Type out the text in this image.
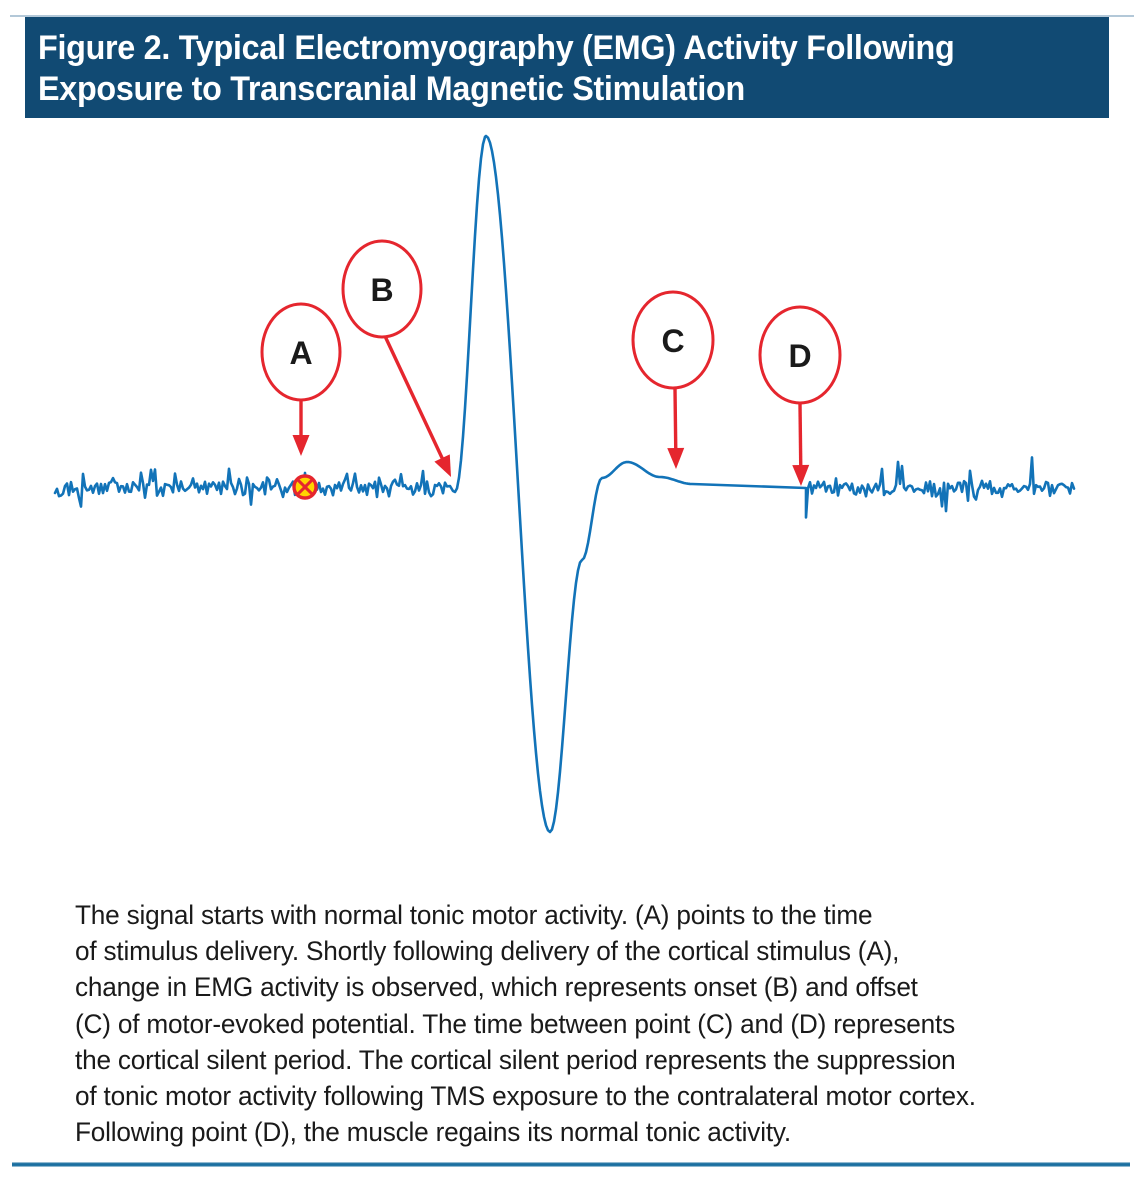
Figure 2. Typical Electromyography (EMG) Activity Following
Exposure to Transcranial Magnetic Stimulation
A
B
C	D
The signal starts with normal tonic motor activity. (A) points to the time
of stimulus delivery. Shortly following delivery of the cortical stimulus (A),
change in EMG activity is observed, which represents onset (B) and offset
(C) of motor-evoked potential. The time between point (C) and (D) represents
the cortical silent period. The cortical silent period represents the suppression
of tonic motor activity following TMS exposure to the contralateral motor cortex.
Following point (D), the muscle regains its normal tonic activity.
